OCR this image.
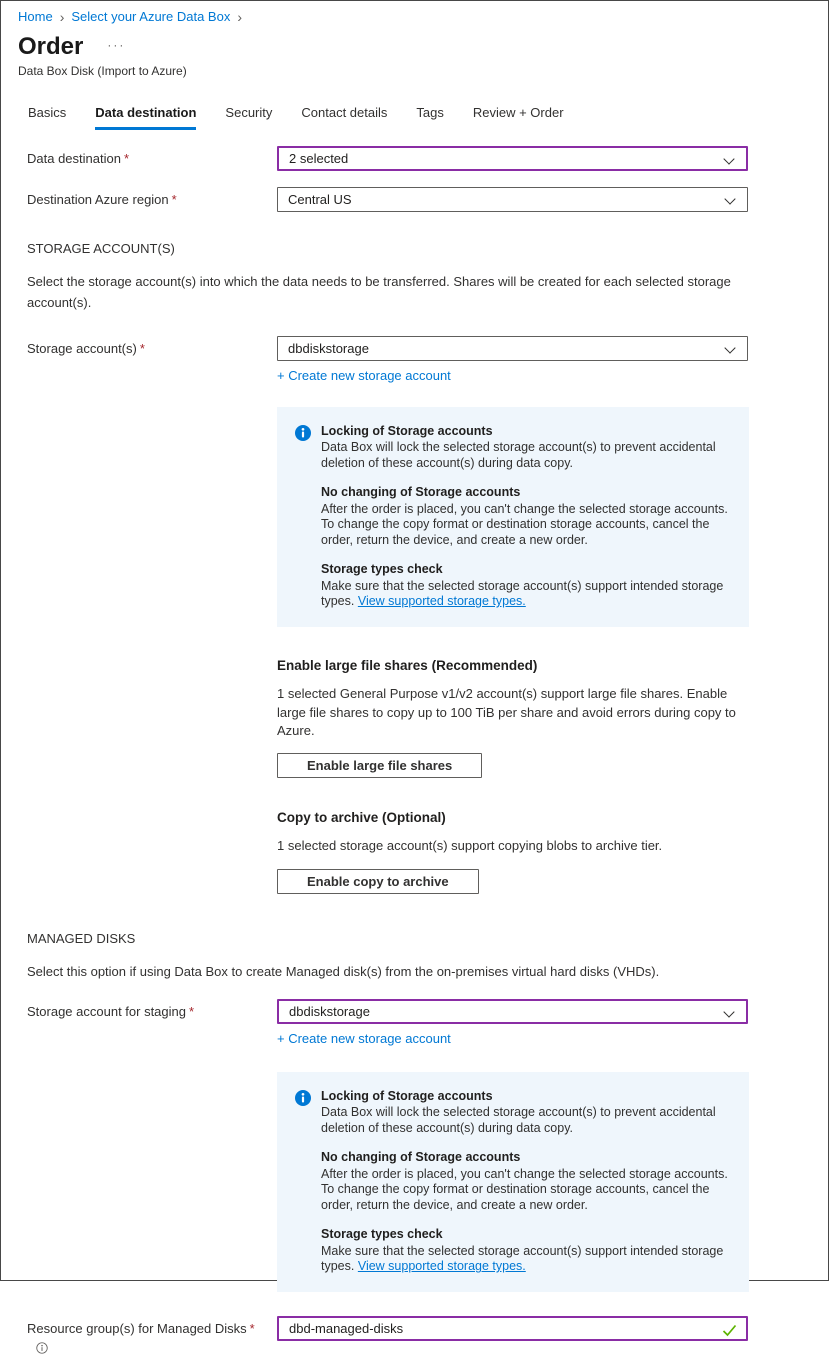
Home › Select your Azure Data Box ›
Order ···
Data Box Disk (Import to Azure)
Basics Data destination Security Contact details Tags Review + Order
Data destination *	2 selected
Destination Azure region *	Central US
STORAGE ACCOUNT(S)

Select the storage account(s) into which the data needs to be transferred. Shares will be created for each selected storage account(s).

Storage account(s) *	dbdiskstorage
+ Create new storage account
Locking of Storage accounts
Data Box will lock the selected storage account(s) to prevent accidental deletion of these account(s) during data copy.
No changing of Storage accounts
After the order is placed, you can't change the selected storage accounts. To change the copy format or destination storage accounts, cancel the order, return the device, and create a new order.
Storage types check
Make sure that the selected storage account(s) support intended storage types. View supported storage types.
Enable large file shares (Recommended)

1 selected General Purpose v1/v2 account(s) support large file shares. Enable large file shares to copy up to 100 TiB per share and avoid errors during copy to Azure.

Enable large file shares
Copy to archive (Optional)

1 selected storage account(s) support copying blobs to archive tier.

Enable copy to archive
MANAGED DISKS

Select this option if using Data Box to create Managed disk(s) from the on-premises virtual hard disks (VHDs).

Storage account for staging *	dbdiskstorage
+ Create new storage account
Locking of Storage accounts
Data Box will lock the selected storage account(s) to prevent accidental deletion of these account(s) during data copy.
No changing of Storage accounts
After the order is placed, you can't change the selected storage accounts. To change the copy format or destination storage accounts, cancel the order, return the device, and create a new order.
Storage types check
Make sure that the selected storage account(s) support intended storage types. View supported storage types.
Resource group(s) for Managed Disks *	dbd-managed-disks
